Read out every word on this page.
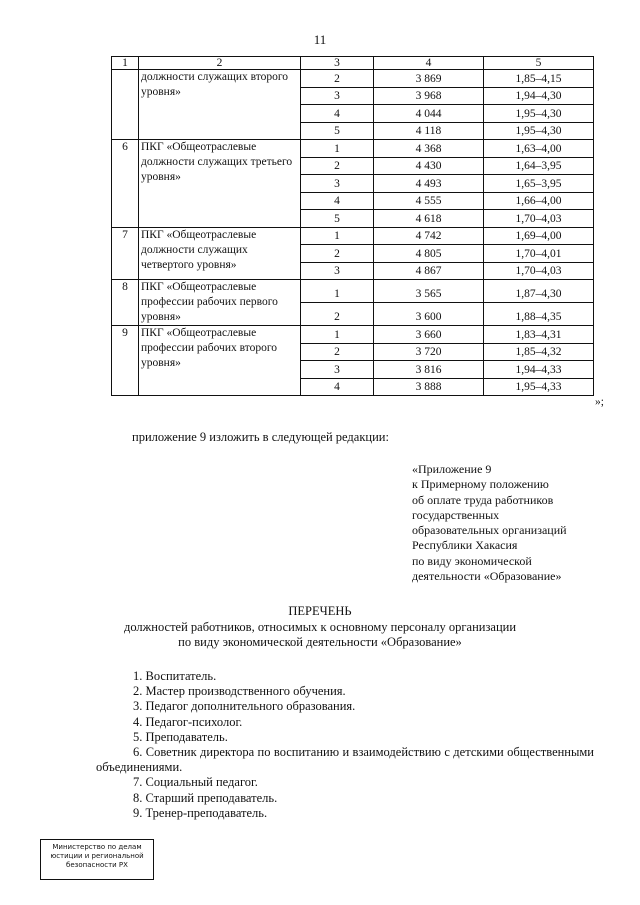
11
1	2	3	4	5
	должности служащих второго уровня»	2	3 869	1,85–4,15
		3	3 968	1,94–4,30
		4	4 044	1,95–4,30
		5	4 118	1,95–4,30
6	ПКГ «Общеотраслевые должности служащих третьего уровня»	1	4 368	1,63–4,00
		2	4 430	1,64–3,95
		3	4 493	1,65–3,95
		4	4 555	1,66–4,00
		5	4 618	1,70–4,03
7	ПКГ «Общеотраслевые должности служащих четвертого уровня»	1	4 742	1,69–4,00
		2	4 805	1,70–4,01
		3	4 867	1,70–4,03
8	ПКГ «Общеотраслевые профессии рабочих первого уровня»	1	3 565	1,87–4,30
		2	3 600	1,88–4,35
9	ПКГ «Общеотраслевые профессии рабочих второго уровня»	1	3 660	1,83–4,31
		2	3 720	1,85–4,32
		3	3 816	1,94–4,33
		4	3 888	1,95–4,33
»;
приложение 9 изложить в следующей редакции:
«Приложение 9
к Примерному положению
об оплате труда работников
государственных
образовательных организаций
Республики Хакасия
по виду экономической
деятельности «Образование»
ПЕРЕЧЕНЬ
должностей работников, относимых к основному персоналу организации
по виду экономической деятельности «Образование»
1. Воспитатель.
2. Мастер производственного обучения.
3. Педагог дополнительного образования.
4. Педагог-психолог.
5. Преподаватель.
6. Советник директора по воспитанию и взаимодействию с детскими общественными объединениями.
7. Социальный педагог.
8. Старший преподаватель.
9. Тренер-преподаватель.
Министерство по делам
юстиции и региональной
безопасности РХ
